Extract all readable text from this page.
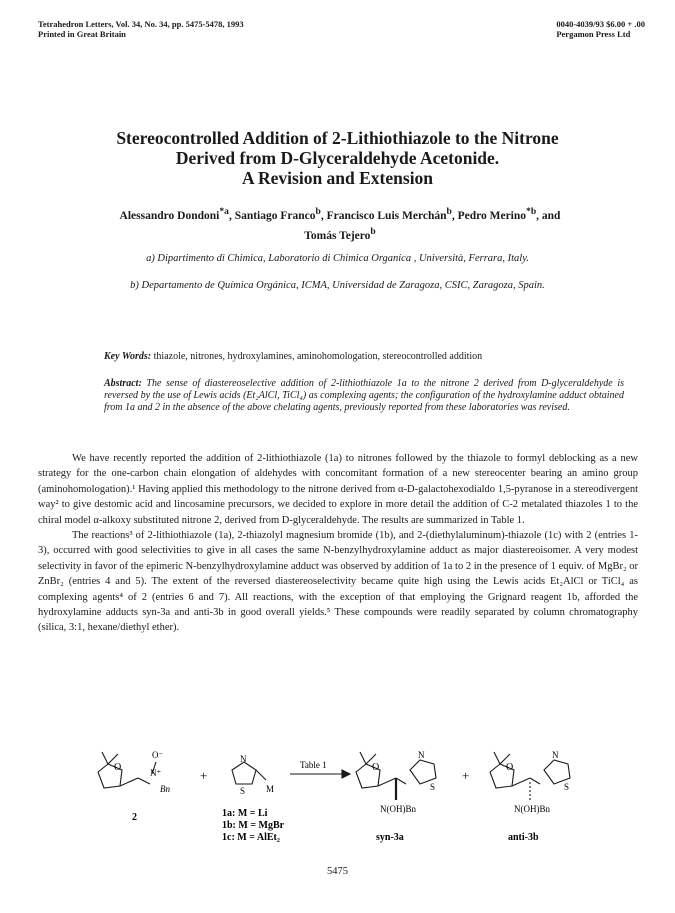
Tetrahedron Letters, Vol. 34, No. 34, pp. 5475-5478, 1993
Printed in Great Britain
0040-4039/93 $6.00 + .00
Pergamon Press Ltd
Stereocontrolled Addition of 2-Lithiothiazole to the Nitrone
Derived from D-Glyceraldehyde Acetonide.
A Revision and Extension
Alessandro Dondoni$^{*a}$, Santiago Franco$^b$, Francisco Luis Merchán$^b$, Pedro Merino$^{*b}$, and
Tomás Tejero$^b$
a) Dipartimento di Chimica, Laboratorio di Chimica Organica , Università, Ferrara, Italy.
b) Departamento de Química Orgánica, ICMA, Universidad de Zaragoza, CSIC, Zaragoza, Spain.
Key Words: thiazole, nitrones, hydroxylamines, aminohomologation, stereocontrolled addition
Abstract: The sense of diastereoselective addition of 2-lithiothiazole 1a to the nitrone 2 derived from D-glyceraldehyde is reversed by the use of Lewis acids (Et₂AlCl, TiCl₄) as complexing agents; the configuration of the hydroxylamine adduct obtained from 1a and 2 in the absence of the above chelating agents, previously reported from these laboratories was revised.

We have recently reported the addition of 2-lithiothiazole (1a) to nitrones followed by the thiazole to formyl deblocking as a new strategy for the one-carbon chain elongation of aldehydes with concomitant formation of a new stereocenter bearing an amino group (aminohomologation).¹ Having applied this methodology to the nitrone derived from α-D-galactohexodialdo 1,5-pyranose in a stereodivergent way² to give destomic acid and lincosamine precursors, we decided to explore in more detail the addition of C-2 metalated thiazoles 1 to the chiral model α-alkoxy substituted nitrone 2, derived from D-glyceraldehyde. The results are summarized in Table 1.

The reactions³ of 2-lithiothiazole (1a), 2-thiazolyl magnesium bromide (1b), and 2-(diethylaluminum)-thiazole (1c) with 2 (entries 1-3), occurred with good selectivities to give in all cases the same N-benzylhydroxylamine adduct as major diastereoisomer. A very modest selectivity in favor of the epimeric N-benzylhydroxylamine adduct was observed by addition of 1a to 2 in the presence of 1 equiv. of MgBr₂ or ZnBr₂ (entries 4 and 5). The extent of the reversed diastereoselectivity became quite high using the Lewis acids Et₂AlCl or TiCl₄ as complexing agents⁴ of 2 (entries 6 and 7). All reactions, with the exception of that employing the Grignard reagent 1b, afforded the hydroxylamine adducts syn-3a and anti-3b in good overall yields.⁵ These compounds were readily separated by column chromatography (silica, 3:1, hexane/diethyl ether).

O
O⁻
N⁺
Bn
2
+
N
S M
1a: M = Li
1b: M = MgBr
1c: M = AlEt₂
Table 1	O
N
S
N(OH)Bn
syn-3a
+
O
N
S
N(OH)Bn
anti-3b
5475
